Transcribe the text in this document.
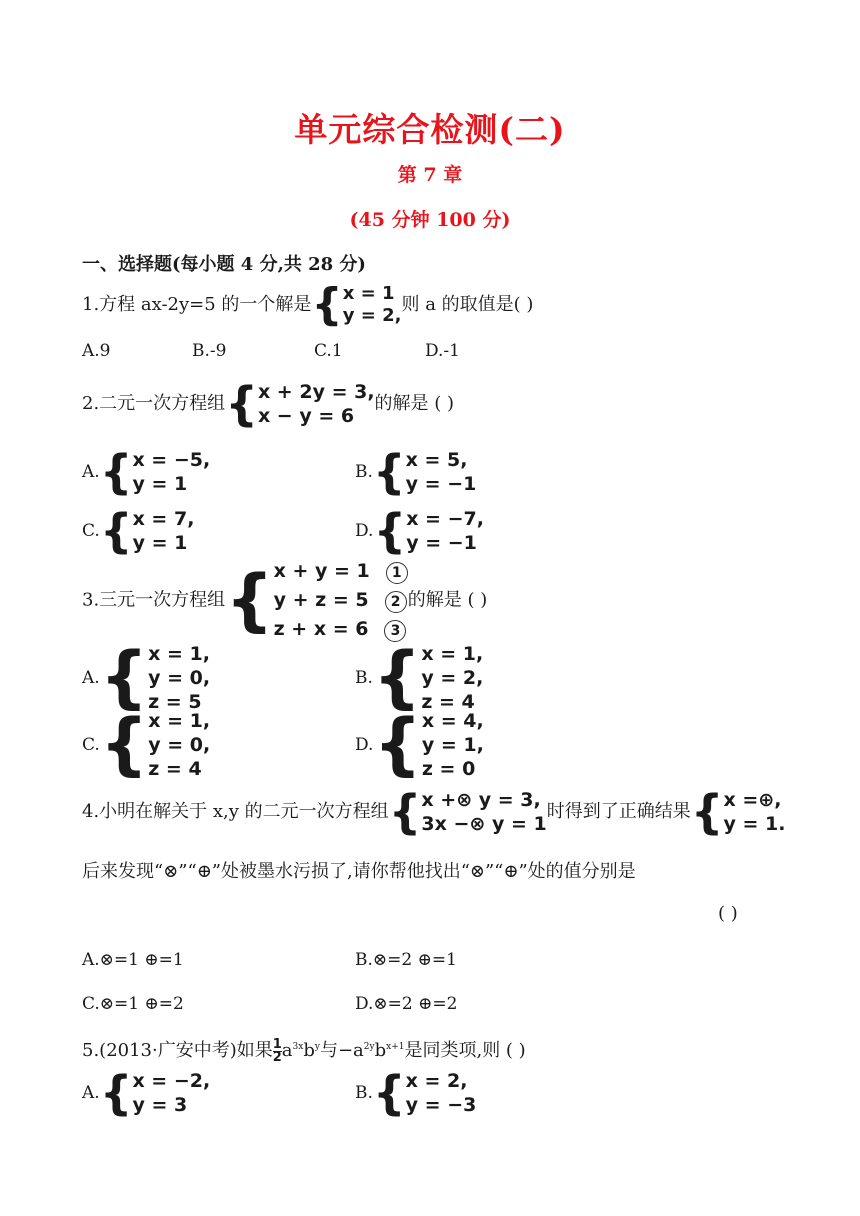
单元综合检测(二)
第 7 章
(45 分钟 100 分)
一、选择题(每小题 4 分,共 28 分)
1.方程 ax-2y=5 的一个解是 { x = 1
y = 2,
则 a 的取值是( )
A.9	B.-9	C.1	D.-1
2.二元一次方程组 { x + 2y = 3,
x − y = 6
的解是 ( )
A. { x = −5,
y = 1
B. { x = 5,
y = −1
C. { x = 7,
y = 1
D. { x = −7,
y = −1
3.三元一次方程组 { x + y = 1 1
y + z = 5 2
z + x = 6 3
的解是 ( )
A. { x = 1,
y = 0,
z = 5
B. { x = 1,
y = 2,
z = 4
C. { x = 1,
y = 0,
z = 4
D. { x = 4,
y = 1,
z = 0
4.小明在解关于 x,y 的二元一次方程组 { x +⊗ y = 3,
3x −⊗ y = 1
时得到了正确结果 { x =⊕,
y = 1.
后来发现“⊗”“⊕”处被墨水污损了,请你帮他找出“⊗”“⊕”处的值分别是
( )
A.⊗=1 ⊕=1	B.⊗=2 ⊕=1
C.⊗=1 ⊕=2	D.⊗=2 ⊕=2
5.(2013·广安中考)如果 $\frac{1}{2} a^{3x}b^y$与$-a^{2y}b^{x+1}$是同类项,则 ( )
A. { x = −2,
y = 3
B. { x = 2,
y = −3
